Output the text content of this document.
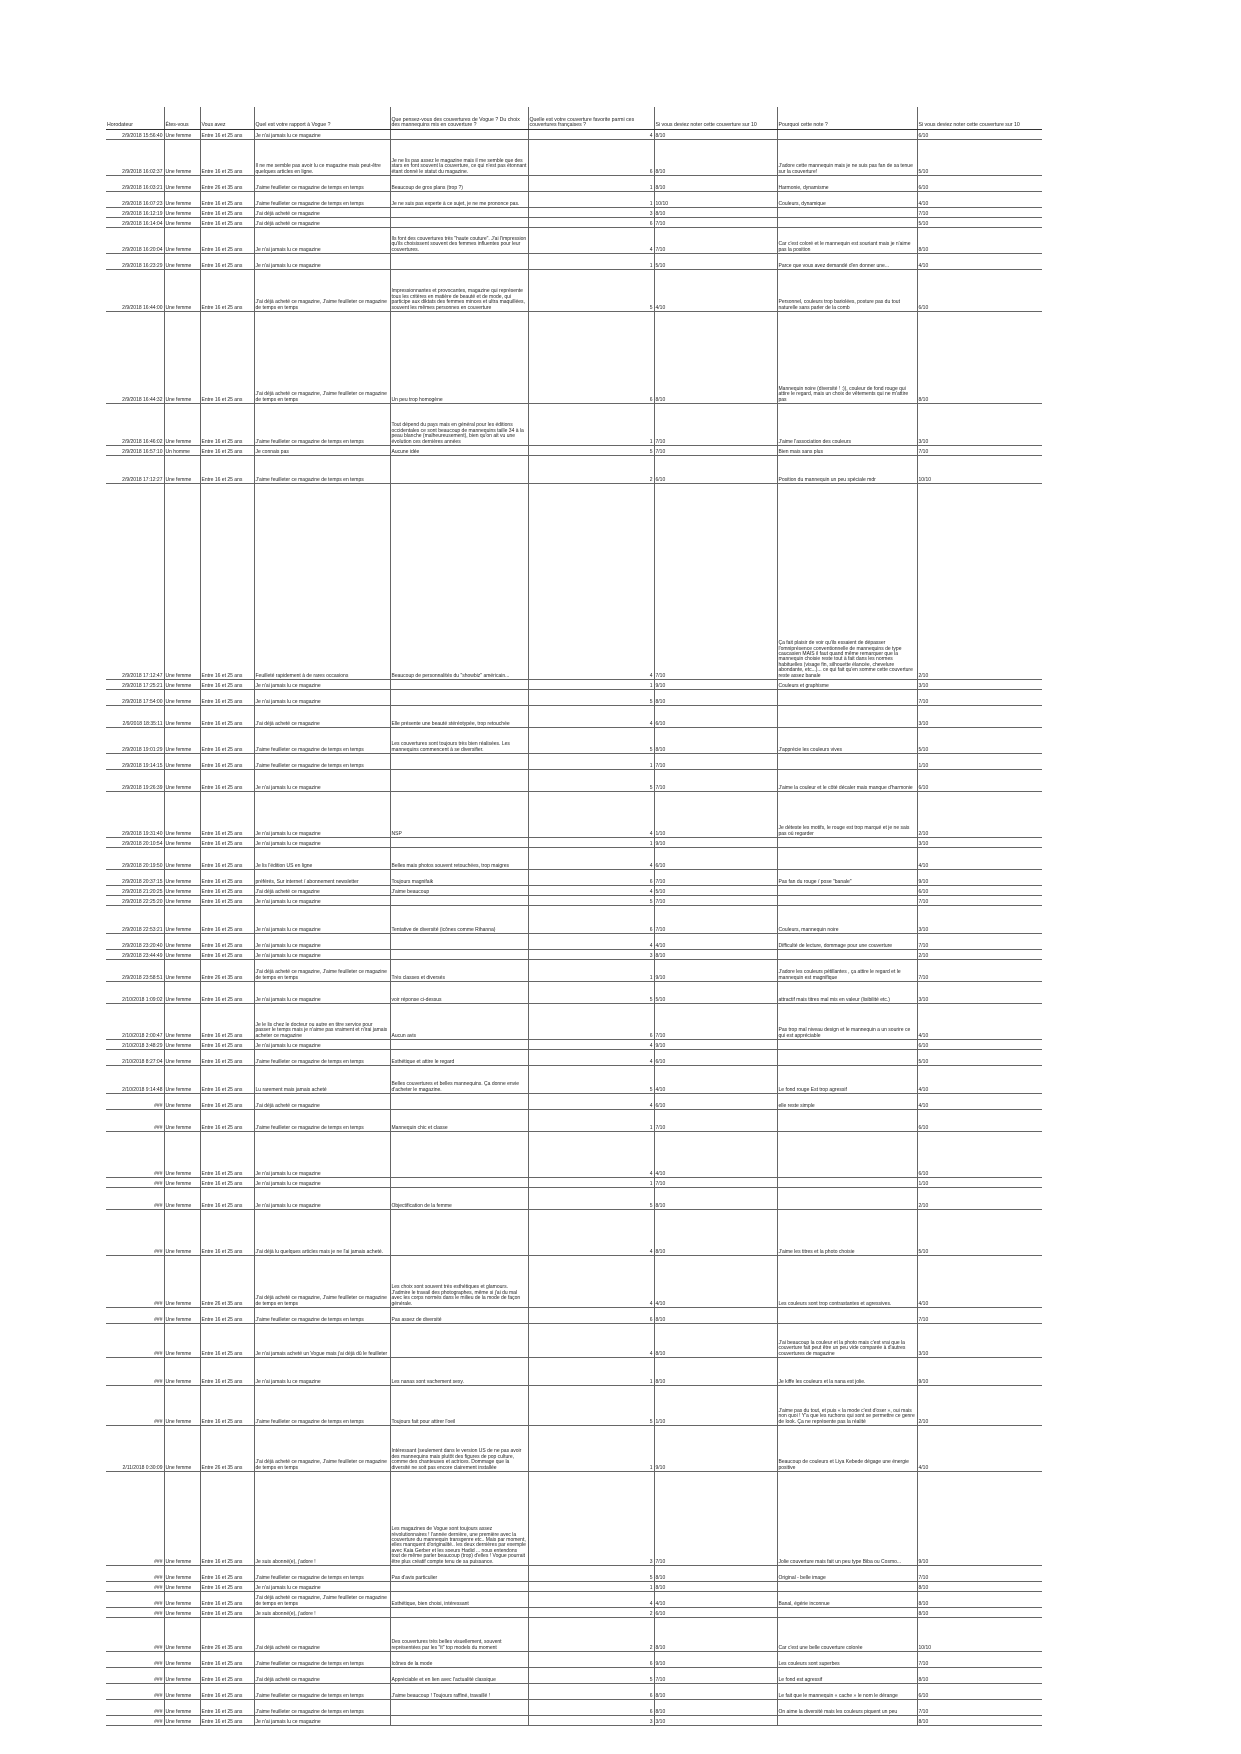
Horodateur	Êtes-vous	Vous avez	Quel est votre rapport à Vogue ?	Que pensez-vous des couvertures de Vogue ? Du choix des mannequins mis en couverture ?	Quelle est votre couverture favorite parmi ces couvertures françaises ?	Si vous deviez noter cette couverture sur 10	Pourquoi cette note ?	Si vous deviez noter cette couverture sur 10
2/9/2018 15:56:40	Une femme	Entre 16 et 25 ans	Je n'ai jamais lu ce magazine		4	8/10		6/10
2/9/2018 16:02:37	Une femme	Entre 16 et 25 ans	Il ne me semble pas avoir lu ce magazine mais peut-être quelques articles en ligne.	Je ne lis pas assez le magazine mais il me semble que des stars en font souvent la couverture, ce qui n'est pas étonnant étant donné le statut du magazine.	6	8/10	J'adore cette mannequin mais je ne suis pas fan de sa tenue sur la couverture!	5/10
2/9/2018 16:03:21	Une femme	Entre 26 et 35 ans	J'aime feuilleter ce magazine de temps en temps	Beaucoup de gros plans (trop ?)	1	8/10	Harmonie, dynamisme	6/10
2/9/2018 16:07:23	Une femme	Entre 16 et 25 ans	J'aime feuilleter ce magazine de temps en temps	Je ne suis pas experte à ce sujet, je ne me prononce pas.	1	10/10	Couleurs, dynamique	4/10
2/9/2018 16:12:19	Une femme	Entre 16 et 25 ans	J'ai déjà acheté ce magazine		3	8/10		7/10
2/9/2018 16:14:04	Une femme	Entre 16 et 25 ans	J'ai déjà acheté ce magazine		6	7/10		5/10
2/9/2018 16:20:04	Une femme	Entre 16 et 25 ans	Je n'ai jamais lu ce magazine	Ils font des couvertures très "haute couture". J'ai l'impression qu'ils choisissent souvent des femmes influentes pour leur couvertures.	4	7/10	Car c'est coloré et le mannequin est souriant mais je n'aime pas la position	8/10
2/9/2018 16:23:29	Une femme	Entre 16 et 25 ans	Je n'ai jamais lu ce magazine		1	5/10	Parce que vous avez demandé d'en donner une...	4/10
2/9/2018 16:44:00	Une femme	Entre 16 et 25 ans	J'ai déjà acheté ce magazine, J'aime feuilleter ce magazine de temps en temps	Impressionnantes et provocantes, magazine qui représente tous les critères en matière de beauté et de mode, qui participe aux diktats des femmes minces et ultra maquillées, souvent les mêmes personnes en couverture	5	4/10	Personnel, couleurs trop bariolées, posture pas du tout naturelle sans parler de la comb	6/10
2/9/2018 16:44:32	Une femme	Entre 16 et 25 ans	J'ai déjà acheté ce magazine, J'aime feuilleter ce magazine de temps en temps	Un peu trop homogène	6	8/10	Mannequin noire (diversité ! :)), couleur de fond rouge qui attire le regard, mais un choix de vêtements qui ne m'attire pas	8/10
2/9/2018 16:46:02	Une femme	Entre 16 et 25 ans	J'aime feuilleter ce magazine de temps en temps	Tout dépend du pays mais en général pour les éditions occidentales ce sont beaucoup de mannequins taille 34 à la peau blanche (malheureusement), bien qu'on ait vu une évolution ces dernières années	1	7/10	J'aime l'association des couleurs	3/10
2/9/2018 16:57:10	Un homme	Entre 16 et 25 ans	Je connais pas	Aucune idée	5	7/10	Bien mais sans plus	7/10
2/9/2018 17:12:27	Une femme	Entre 16 et 25 ans	J'aime feuilleter ce magazine de temps en temps		2	6/10	Position du mannequin un peu spéciale mdr	10/10
2/9/2018 17:12:47	Une femme	Entre 16 et 25 ans	Feuilleté rapidement à de rares occasions	Beaucoup de personnalités du "showbiz" américain...	4	7/10	Ça fait plaisir de voir qu'ils essaient de dépasser l'omniprésence conventionnelle de mannequins de type caucasien MAIS il faut quand même remarquer que la mannequin choisie reste tout à fait dans les normes habituelles (visage fin, silhouette élancée, chevelure abondante, etc...)... ce qui fait qu'en somme cette couverture reste assez banale	2/10
2/9/2018 17:25:21	Une femme	Entre 16 et 25 ans	Je n'ai jamais lu ce magazine		1	9/10	Couleurs et graphisme	3/10
2/9/2018 17:54:00	Une femme	Entre 16 et 25 ans	Je n'ai jamais lu ce magazine		5	8/10		7/10
2/9/2018 18:35:11	Une femme	Entre 16 et 25 ans	J'ai déjà acheté ce magazine	Elle présente une beauté stéréotypée, trop retouchée	4	6/10		3/10
2/9/2018 19:01:29	Une femme	Entre 16 et 25 ans	J'aime feuilleter ce magazine de temps en temps	Les couvertures sont toujours très bien réalisées. Les mannequins commencent à se diversifier.	5	8/10	J'apprécie les couleurs vives	5/10
2/9/2018 19:14:15	Une femme	Entre 16 et 25 ans	J'aime feuilleter ce magazine de temps en temps		1	7/10		1/10
2/9/2018 19:26:39	Une femme	Entre 16 et 25 ans	Je n'ai jamais lu ce magazine		5	7/10	J'aime la couleur et le côté décaler mais manque d'harmonie	6/10
2/9/2018 19:31:40	Une femme	Entre 16 et 25 ans	Je n'ai jamais lu ce magazine	NSP	4	1/10	Je déteste les motifs, le rouge est trop marqué et je ne sais pas où regarder	2/10
2/9/2018 20:10:54	Une femme	Entre 16 et 25 ans	Je n'ai jamais lu ce magazine		1	9/10		3/10
2/9/2018 20:19:50	Une femme	Entre 16 et 25 ans	Je lis l'édition US en ligne	Belles mais photos souvent retouchées, trop maigres	4	6/10		4/10
2/9/2018 20:37:15	Une femme	Entre 16 et 25 ans	préférés, Sur internet / abonnement newsletter	Toujours magnifaik	6	7/10	Pas fan du rouge / pose "banale"	9/10
2/9/2018 21:20:25	Une femme	Entre 16 et 25 ans	J'ai déjà acheté ce magazine	J'aime beaucoup	4	5/10		6/10
2/9/2018 22:25:20	Une femme	Entre 16 et 25 ans	Je n'ai jamais lu ce magazine		5	7/10		7/10
2/9/2018 22:53:21	Une femme	Entre 16 et 25 ans	Je n'ai jamais lu ce magazine	Tentative de diversité (icônes comme Rihanna)	6	7/10	Couleurs, mannequin noire	3/10
2/9/2018 23:20:40	Une femme	Entre 16 et 25 ans	Je n'ai jamais lu ce magazine		4	4/10	Difficulté de lecture, dommage pour une couverture	7/10
2/9/2018 23:44:49	Une femme	Entre 16 et 25 ans	Je n'ai jamais lu ce magazine		3	8/10		2/10
2/9/2018 23:58:51	Une femme	Entre 26 et 35 ans	J'ai déjà acheté ce magazine, J'aime feuilleter ce magazine de temps en temps	Très classes et diversés	1	9/10	J'adore les couleurs pétillantes , ça attire le regard et le mannequin est magnifique	7/10
2/10/2018 1:09:02	Une femme	Entre 16 et 25 ans	Je n'ai jamais lu ce magazine	voir réponse ci-dessus	5	5/10	attractif mais titres mal mis en valeur (lisibilité etc.)	3/10
2/10/2018 2:00:47	Une femme	Entre 16 et 25 ans	Je le lis chez le docteur ou autre en titre service pour passer le temps mais je n'aime pas vraiment et n'irai jamais acheter ce magazine	Aucun avis	6	7/10	Pas trop mal niveau design et le mannequin a un sourire ce qui est appréciable	4/10
2/10/2018 3:48:29	Une femme	Entre 16 et 25 ans	Je n'ai jamais lu ce magazine		4	9/10		6/10
2/10/2018 8:27:04	Une femme	Entre 16 et 25 ans	J'aime feuilleter ce magazine de temps en temps	Esthétique et attire le regard	4	6/10		5/10
2/10/2018 9:14:48	Une femme	Entre 16 et 25 ans	Lu rarement mais jamais acheté	Belles couvertures et belles mannequins. Ça donne envie d'acheter le magazine.	5	4/10	Le fond rouge Est trop agressif	4/10
###	Une femme	Entre 16 et 25 ans	J'ai déjà acheté ce magazine		4	6/10	elle reste simple	4/10
###	Une femme	Entre 16 et 25 ans	J'aime feuilleter ce magazine de temps en temps	Mannequin chic et classe	1	7/10		6/10
###	Une femme	Entre 16 et 25 ans	Je n'ai jamais lu ce magazine		4	4/10		6/10
###	Une femme	Entre 16 et 25 ans	Je n'ai jamais lu ce magazine		1	7/10		1/10
###	Une femme	Entre 16 et 25 ans	Je n'ai jamais lu ce magazine	Objectification de la femme	5	8/10		2/10
###	Une femme	Entre 16 et 25 ans	J'ai déjà lu quelques articles mais je ne l'ai jamais acheté.		4	8/10	J'aime les titres et la photo choisie	5/10
###	Une femme	Entre 26 et 35 ans	J'ai déjà acheté ce magazine, J'aime feuilleter ce magazine de temps en temps	Les choix sont souvent très esthétiques et glamours. J'admire le travail des photographes, même si j'ai du mal avec les corps normés dans le milieu de la mode de façon générale.	4	4/10	Les couleurs sont trop contrastantes et agressives.	4/10
###	Une femme	Entre 16 et 25 ans	J'aime feuilleter ce magazine de temps en temps	Pas assez de diversité	6	8/10		7/10
###	Une femme	Entre 16 et 25 ans	Je n'ai jamais acheté un Vogue mais j'ai déjà dû le feuilleter		4	8/10	J'ai beaucoup la couleur et la photo mais c'est vrai que la couverture fait peut être un peu vide comparée à d'autres couvertures de magazine	3/10
###	Une femme	Entre 16 et 25 ans	Je n'ai jamais lu ce magazine	Les nanas sont vachement sexy.	1	8/10	Je kiffe les couleurs et la nana est jolie.	9/10
###	Une femme	Entre 16 et 25 ans	J'aime feuilleter ce magazine de temps en temps	Toujours fait pour attirer l'oeil	5	1/10	J'aime pas du tout, et puis « la mode c'est d'oser », oui mais non quoi ! Y'a que les ruchons qui sont se permettre ce genre de look. Ça ne représente pas la réalité	2/10
2/11/2018 0:30:09	Une femme	Entre 26 et 35 ans	J'ai déjà acheté ce magazine, J'aime feuilleter ce magazine de temps en temps	Intéressant (seulement dans le version US de ne pas avoir des mannequins mais plutôt des figures de pop culture, comme des chanteuses et actrices. Dommage que la diversité ne soit pas encore clairement installée	1	9/10	Beaucoup de couleurs et Liya Kebede dégage une énergie positive	4/10
###	Une femme	Entre 16 et 25 ans	Je suis abonné(e), j'adore !	Les magazines de Vogue sont toujours assez révolutionnaires ! l'année dernière, une première avec la couverture du mannequin transgenre etc.. Mais par moment, elles manquent d'originalité.. les deux dernières par exemple avec Kaia Gerber et les soeurs Hadid ... nous entendons tout de même parler beaucoup (trop) d'elles ! Vogue pourrait être plus créatif compte tenu de sa puissance.	3	7/10	Jolie couverture mais fait un peu type Biba ou Cosmo...	9/10
###	Une femme	Entre 16 et 25 ans	J'aime feuilleter ce magazine de temps en temps	Pas d'avis particulier	5	8/10	Original - belle image	7/10
###	Une femme	Entre 16 et 25 ans	Je n'ai jamais lu ce magazine		1	8/10		8/10
###	Une femme	Entre 16 et 25 ans	J'ai déjà acheté ce magazine, J'aime feuilleter ce magazine de temps en temps	Esthétique, bien choisi, intéressant	4	4/10	Banal, égérie inconnue	8/10
###	Une femme	Entre 16 et 25 ans	Je suis abonné(e), j'adore !		2	6/10		8/10
###	Une femme	Entre 26 et 35 ans	J'ai déjà acheté ce magazine	Des couvertures très belles visuellement, souvent représentées par les "it" top models du moment	2	8/10	Car c'est une belle couverture colorée	10/10
###	Une femme	Entre 16 et 25 ans	J'aime feuilleter ce magazine de temps en temps	Icônes de la mode	6	9/10	Les couleurs sont superbes	7/10
###	Une femme	Entre 16 et 25 ans	J'ai déjà acheté ce magazine	Appréciable et en lien avec l'actualité classique	5	7/10	Le fond est agressif	8/10
###	Une femme	Entre 16 et 25 ans	J'aime feuilleter ce magazine de temps en temps	J'aime beaucoup ! Toujours raffiné, travaillé !	6	8/10	Le fait que le mannequin « cache » le nom le dérange	6/10
###	Une femme	Entre 16 et 25 ans	J'aime feuilleter ce magazine de temps en temps		6	8/10	On aime la diversité mais les couleurs piquent un peu	7/10
###	Une femme	Entre 16 et 25 ans	Je n'ai jamais lu ce magazine		3	3/10		8/10
